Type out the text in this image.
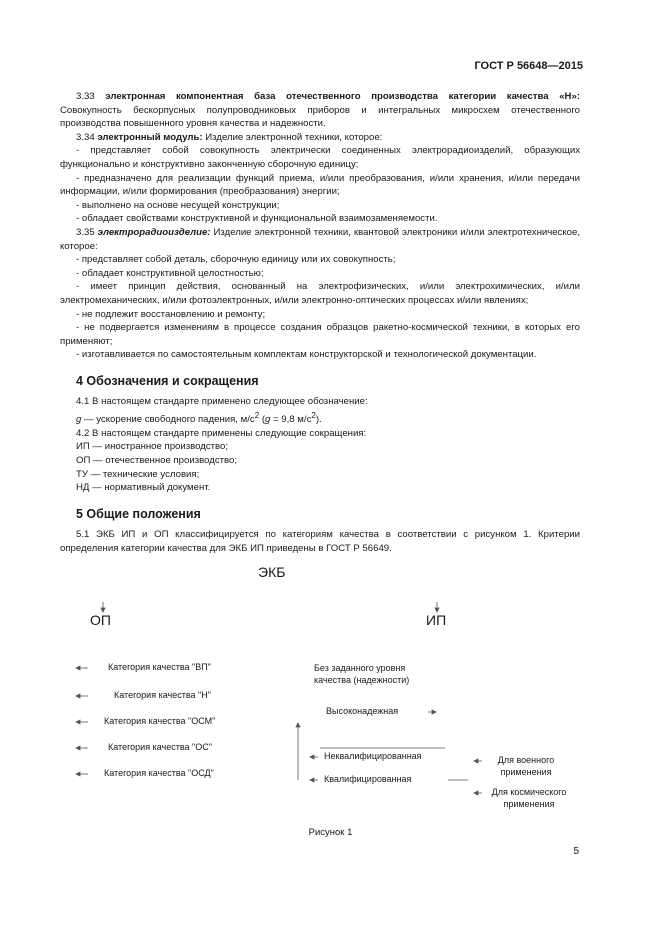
ГОСТ Р 56648—2015

3.33 электронная компонентная база отечественного производства категории качества «Н»: Совокупность бескорпусных полупроводниковых приборов и интегральных микросхем отечественного производства повышенного уровня качества и надежности.

3.34 электронный модуль: Изделие электронной техники, которое:

- представляет собой совокупность электрически соединенных электрорадиоизделий, образующих функционально и конструктивно законченную сборочную единицу;

- предназначено для реализации функций приема, и/или преобразования, и/или хранения, и/или передачи информации, и/или формирования (преобразования) энергии;

- выполнено на основе несущей конструкции;

- обладает свойствами конструктивной и функциональной взаимозаменяемости.

3.35 электрорадиоизделие: Изделие электронной техники, квантовой электроники и/или электротехническое, которое:

- представляет собой деталь, сборочную единицу или их совокупность;

- обладает конструктивной целостностью;

- имеет принцип действия, основанный на электрофизических, и/или электрохимических, и/или электромеханических, и/или фотоэлектронных, и/или электронно-оптических процессах и/или явлениях;

- не подлежит восстановлению и ремонту;

- не подвергается изменениям в процессе создания образцов ракетно-космической техники, в которых его применяют;

- изготавливается по самостоятельным комплектам конструкторской и технологической документации.

4 Обозначения и сокращения

4.1 В настоящем стандарте применено следующее обозначение:

g — ускорение свободного падения, $м/с^2$ (g = 9,8 $м/с^2$).

4.2 В настоящем стандарте применены следующие сокращения:

ИП — иностранное производство;

ОП — отечественное производство;

ТУ — технические условия;

НД — нормативный документ.

5 Общие положения

5.1 ЭКБ ИП и ОП классифицируется по категориям качества в соответствии с рисунком 1. Критерии определения категории качества для ЭКБ ИП приведены в ГОСТ Р 56649.

ЭКБ
ОП	ИП
Категория качества "ВП"
Категория качества "Н"
Категория качества "ОСМ"
Категория качества "ОС"
Категория качества "ОСД"
Без заданного уровня качества (надежности)
Высоконадежная
Неквалифицированная
Квалифицированная
Для военного применения
Для космического применения
Рисунок 1
5
